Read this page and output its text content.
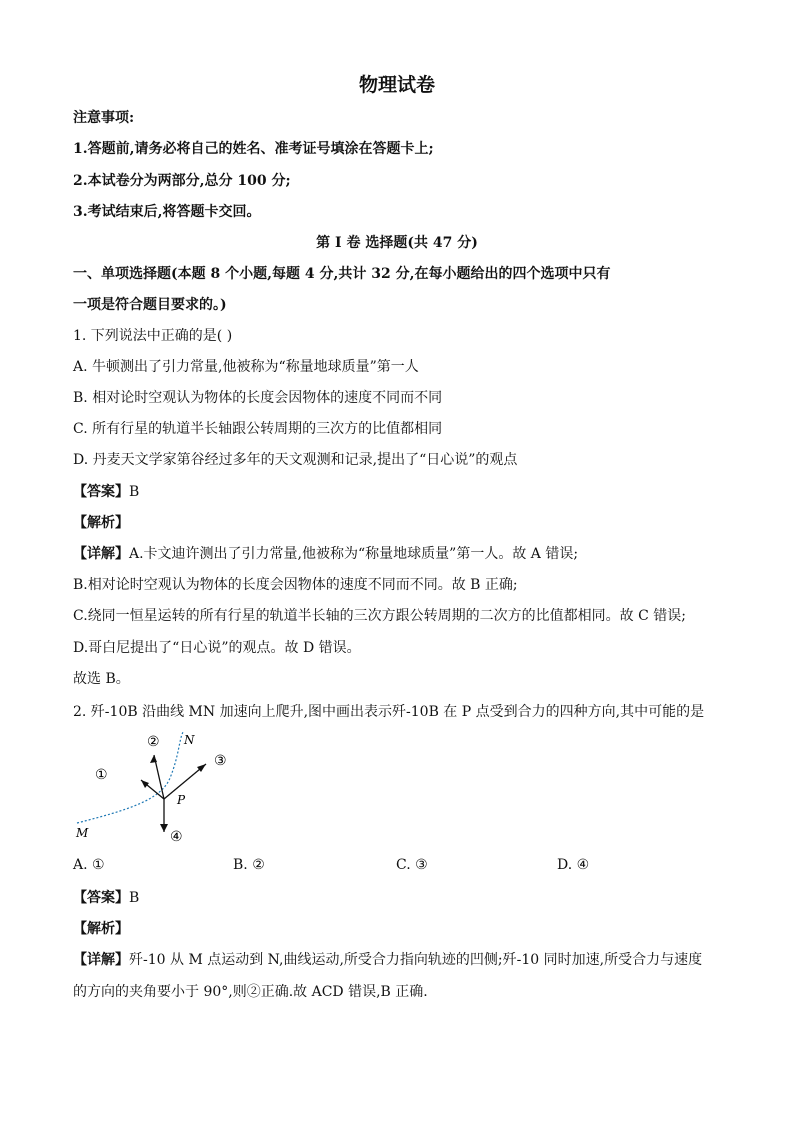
物理试卷
注意事项:
1.答题前,请务必将自己的姓名、准考证号填涂在答题卡上;
2.本试卷分为两部分,总分 100 分;
3.考试结束后,将答题卡交回。
第 I 卷 选择题(共 47 分)
一、单项选择题(本题 8 个小题,每题 4 分,共计 32 分,在每小题给出的四个选项中只有
一项是符合题目要求的。)
1. 下列说法中正确的是( )
A. 牛顿测出了引力常量,他被称为“称量地球质量”第一人
B. 相对论时空观认为物体的长度会因物体的速度不同而不同
C. 所有行星的轨道半长轴跟公转周期的三次方的比值都相同
D. 丹麦天文学家第谷经过多年的天文观测和记录,提出了“日心说”的观点
【答案】B
【解析】
【详解】A.卡文迪许测出了引力常量,他被称为“称量地球质量”第一人。故 A 错误;
B.相对论时空观认为物体的长度会因物体的速度不同而不同。故 B 正确;
C.绕同一恒星运转的所有行星的轨道半长轴的三次方跟公转周期的二次方的比值都相同。故 C 错误;
D.哥白尼提出了“日心说”的观点。故 D 错误。
故选 B。
2. 歼-10B 沿曲线 MN 加速向上爬升,图中画出表示歼-10B 在 P 点受到合力的四种方向,其中可能的是
P
N
M
①
②
③
④
A. ①	B. ②	C. ③	D. ④
【答案】B
【解析】
【详解】歼-10 从 M 点运动到 N,曲线运动,所受合力指向轨迹的凹侧;歼-10 同时加速,所受合力与速度
的方向的夹角要小于 90°,则②正确.故 ACD 错误,B 正确.
